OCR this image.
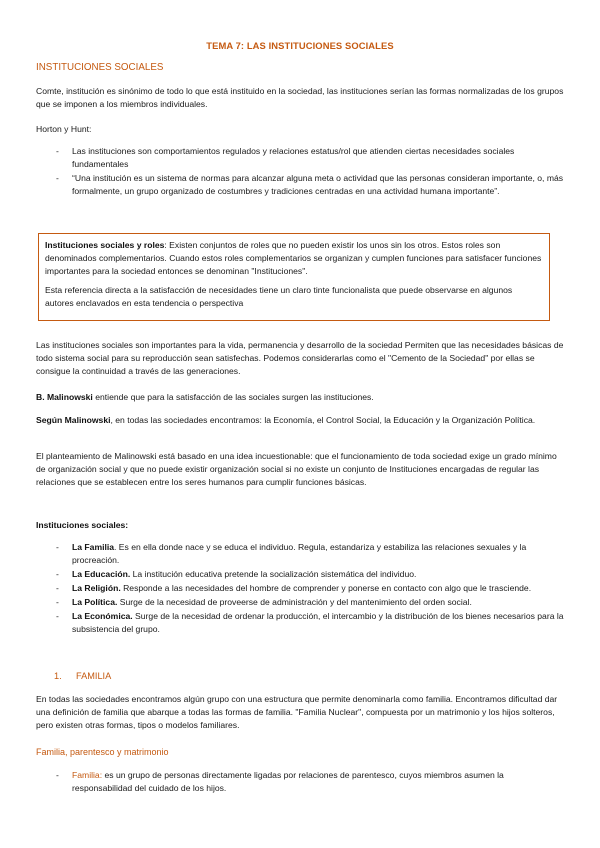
TEMA 7: LAS INSTITUCIONES SOCIALES
INSTITUCIONES SOCIALES

Comte, institución es sinónimo de todo lo que está instituido en la sociedad, las instituciones serían las formas normalizadas de los grupos que se imponen a los miembros individuales.

Horton y Hunt:

- Las instituciones son comportamientos regulados y relaciones estatus/rol que atienden ciertas necesidades sociales fundamentales
- “Una institución es un sistema de normas para alcanzar alguna meta o actividad que las personas consideran importante, o, más formalmente, un grupo organizado de costumbres y tradiciones centradas en una actividad humana importante”.

Instituciones sociales y roles: Existen conjuntos de roles que no pueden existir los unos sin los otros. Estos roles son denominados complementarios. Cuando estos roles complementarios se organizan y cumplen funciones para satisfacer funciones importantes para la sociedad entonces se denominan "Instituciones".

Esta referencia directa a la satisfacción de necesidades tiene un claro tinte funcionalista que puede observarse en algunos autores enclavados en esta tendencia o perspectiva

Las instituciones sociales son importantes para la vida, permanencia y desarrollo de la sociedad Permiten que las necesidades básicas de todo sistema social para su reproducción sean satisfechas. Podemos considerarlas como el "Cemento de la Sociedad" por ellas se consigue la continuidad a través de las generaciones.

B. Malinowski entiende que para la satisfacción de las sociales surgen las instituciones.

Según Malinowski, en todas las sociedades encontramos: la Economía, el Control Social, la Educación y la Organización Política.

El planteamiento de Malinowski está basado en una idea incuestionable: que el funcionamiento de toda sociedad exige un grado mínimo de organización social y que no puede existir organización social si no existe un conjunto de Instituciones encargadas de regular las relaciones que se establecen entre los seres humanos para cumplir funciones básicas.

Instituciones sociales:

- La Familia. Es en ella donde nace y se educa el individuo. Regula, estandariza y estabiliza las relaciones sexuales y la procreación.
- La Educación. La institución educativa pretende la socialización sistemática del individuo.
- La Religión. Responde a las necesidades del hombre de comprender y ponerse en contacto con algo que le trasciende.
- La Política. Surge de la necesidad de proveerse de administración y del mantenimiento del orden social.
- La Económica. Surge de la necesidad de ordenar la producción, el intercambio y la distribución de los bienes necesarios para la subsistencia del grupo.
1. FAMILIA

En todas las sociedades encontramos algún grupo con una estructura que permite denominarla como familia. Encontramos dificultad dar una definición de familia que abarque a todas las formas de familia. "Familia Nuclear", compuesta por un matrimonio y los hijos solteros, pero existen otras formas, tipos o modelos familiares.

Familia, parentesco y matrimonio
- Familia: es un grupo de personas directamente ligadas por relaciones de parentesco, cuyos miembros asumen la responsabilidad del cuidado de los hijos.
